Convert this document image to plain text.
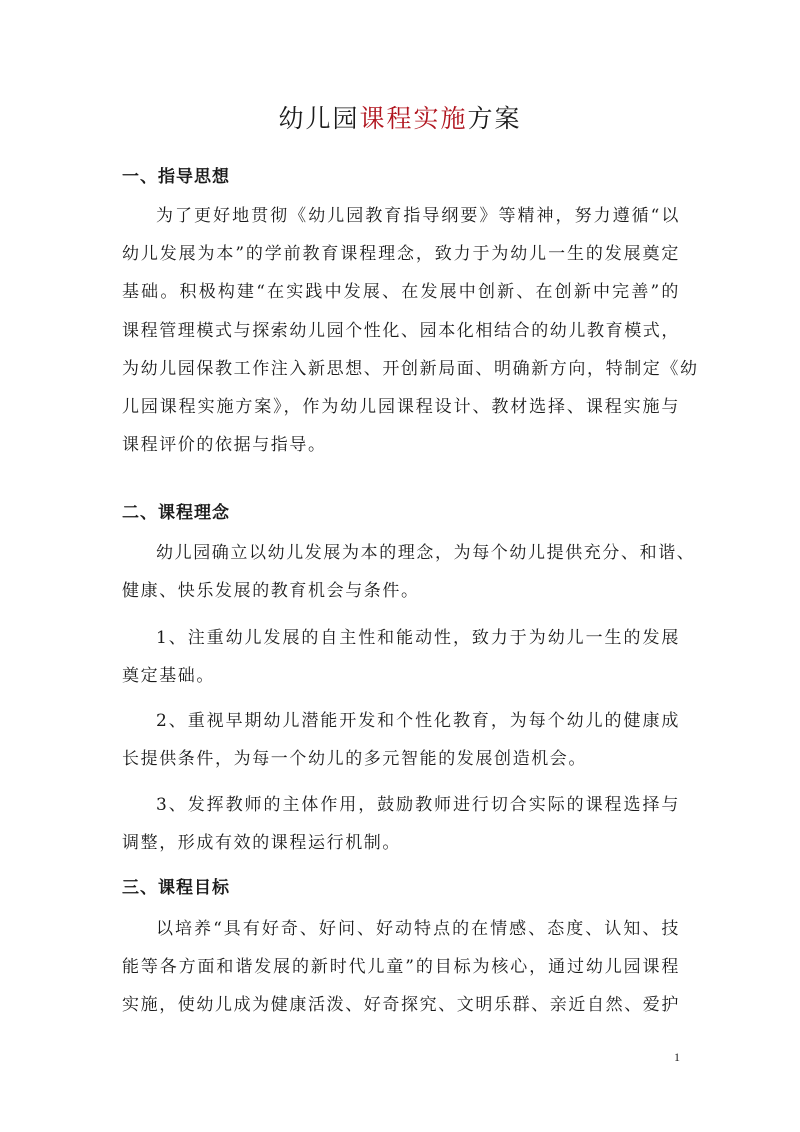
幼儿园课程实施方案
一、指导思想
为了更好地贯彻《幼儿园教育指导纲要》等精神，努力遵循“以
幼儿发展为本”的学前教育课程理念，致力于为幼儿一生的发展奠定
基础。积极构建“在实践中发展、在发展中创新、在创新中完善”的
课程管理模式与探索幼儿园个性化、园本化相结合的幼儿教育模式，
为幼儿园保教工作注入新思想、开创新局面、明确新方向，特制定《幼
儿园课程实施方案》，作为幼儿园课程设计、教材选择、课程实施与
课程评价的依据与指导。
二、课程理念
幼儿园确立以幼儿发展为本的理念，为每个幼儿提供充分、和谐、
健康、快乐发展的教育机会与条件。
1、注重幼儿发展的自主性和能动性，致力于为幼儿一生的发展
奠定基础。
2、重视早期幼儿潜能开发和个性化教育，为每个幼儿的健康成
长提供条件，为每一个幼儿的多元智能的发展创造机会。
3、发挥教师的主体作用，鼓励教师进行切合实际的课程选择与
调整，形成有效的课程运行机制。
三、课程目标
以培养“具有好奇、好问、好动特点的在情感、态度、认知、技
能等各方面和谐发展的新时代儿童”的目标为核心，通过幼儿园课程
实施，使幼儿成为健康活泼、好奇探究、文明乐群、亲近自然、爱护
1
